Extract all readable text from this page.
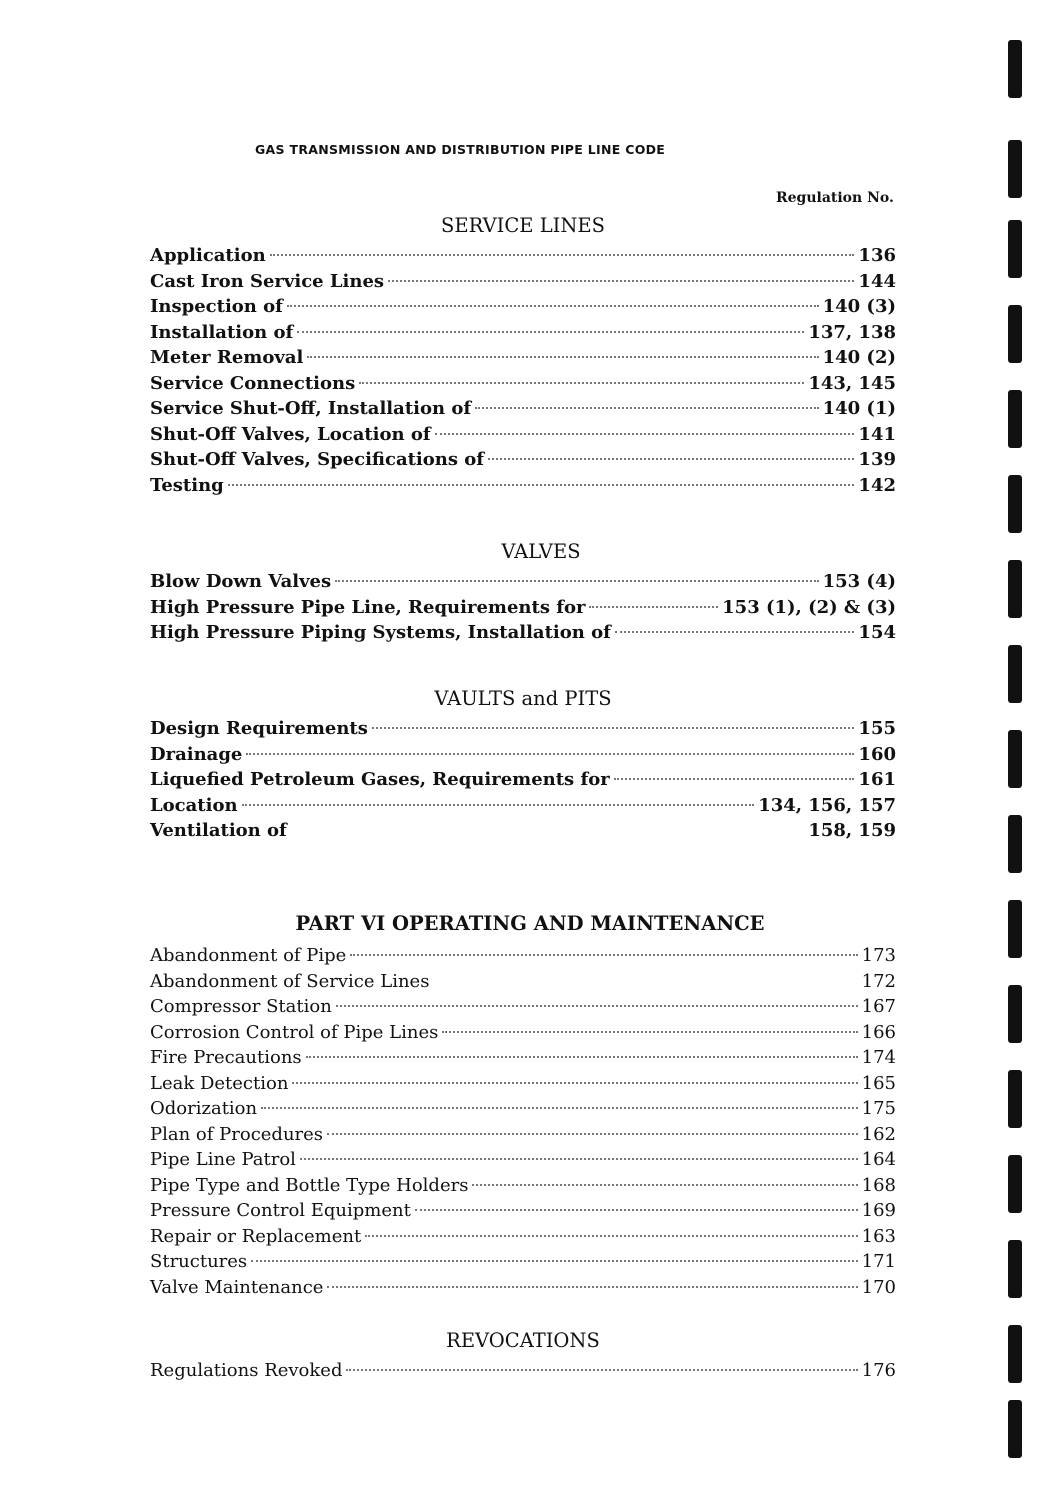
GAS TRANSMISSION AND DISTRIBUTION PIPE LINE CODE
Regulation No.
SERVICE LINES
Application	136
Cast Iron Service Lines	144
Inspection of	140 (3)
Installation of	137, 138
Meter Removal	140 (2)
Service Connections	143, 145
Service Shut-Off, Installation of	140 (1)
Shut-Off Valves, Location of	141
Shut-Off Valves, Specifications of	139
Testing	142
VALVES
Blow Down Valves	153 (4)
High Pressure Pipe Line, Requirements for	153 (1), (2) & (3)
High Pressure Piping Systems, Installation of	154
VAULTS and PITS
Design Requirements	155
Drainage	160
Liquefied Petroleum Gases, Requirements for	161
Location	134, 156, 157
Ventilation of	158, 159
PART VI OPERATING AND MAINTENANCE
Abandonment of Pipe	173
Abandonment of Service Lines	172
Compressor Station	167
Corrosion Control of Pipe Lines	166
Fire Precautions	174
Leak Detection	165
Odorization	175
Plan of Procedures	162
Pipe Line Patrol	164
Pipe Type and Bottle Type Holders	168
Pressure Control Equipment	169
Repair or Replacement	163
Structures	171
Valve Maintenance	170
REVOCATIONS
Regulations Revoked	176
